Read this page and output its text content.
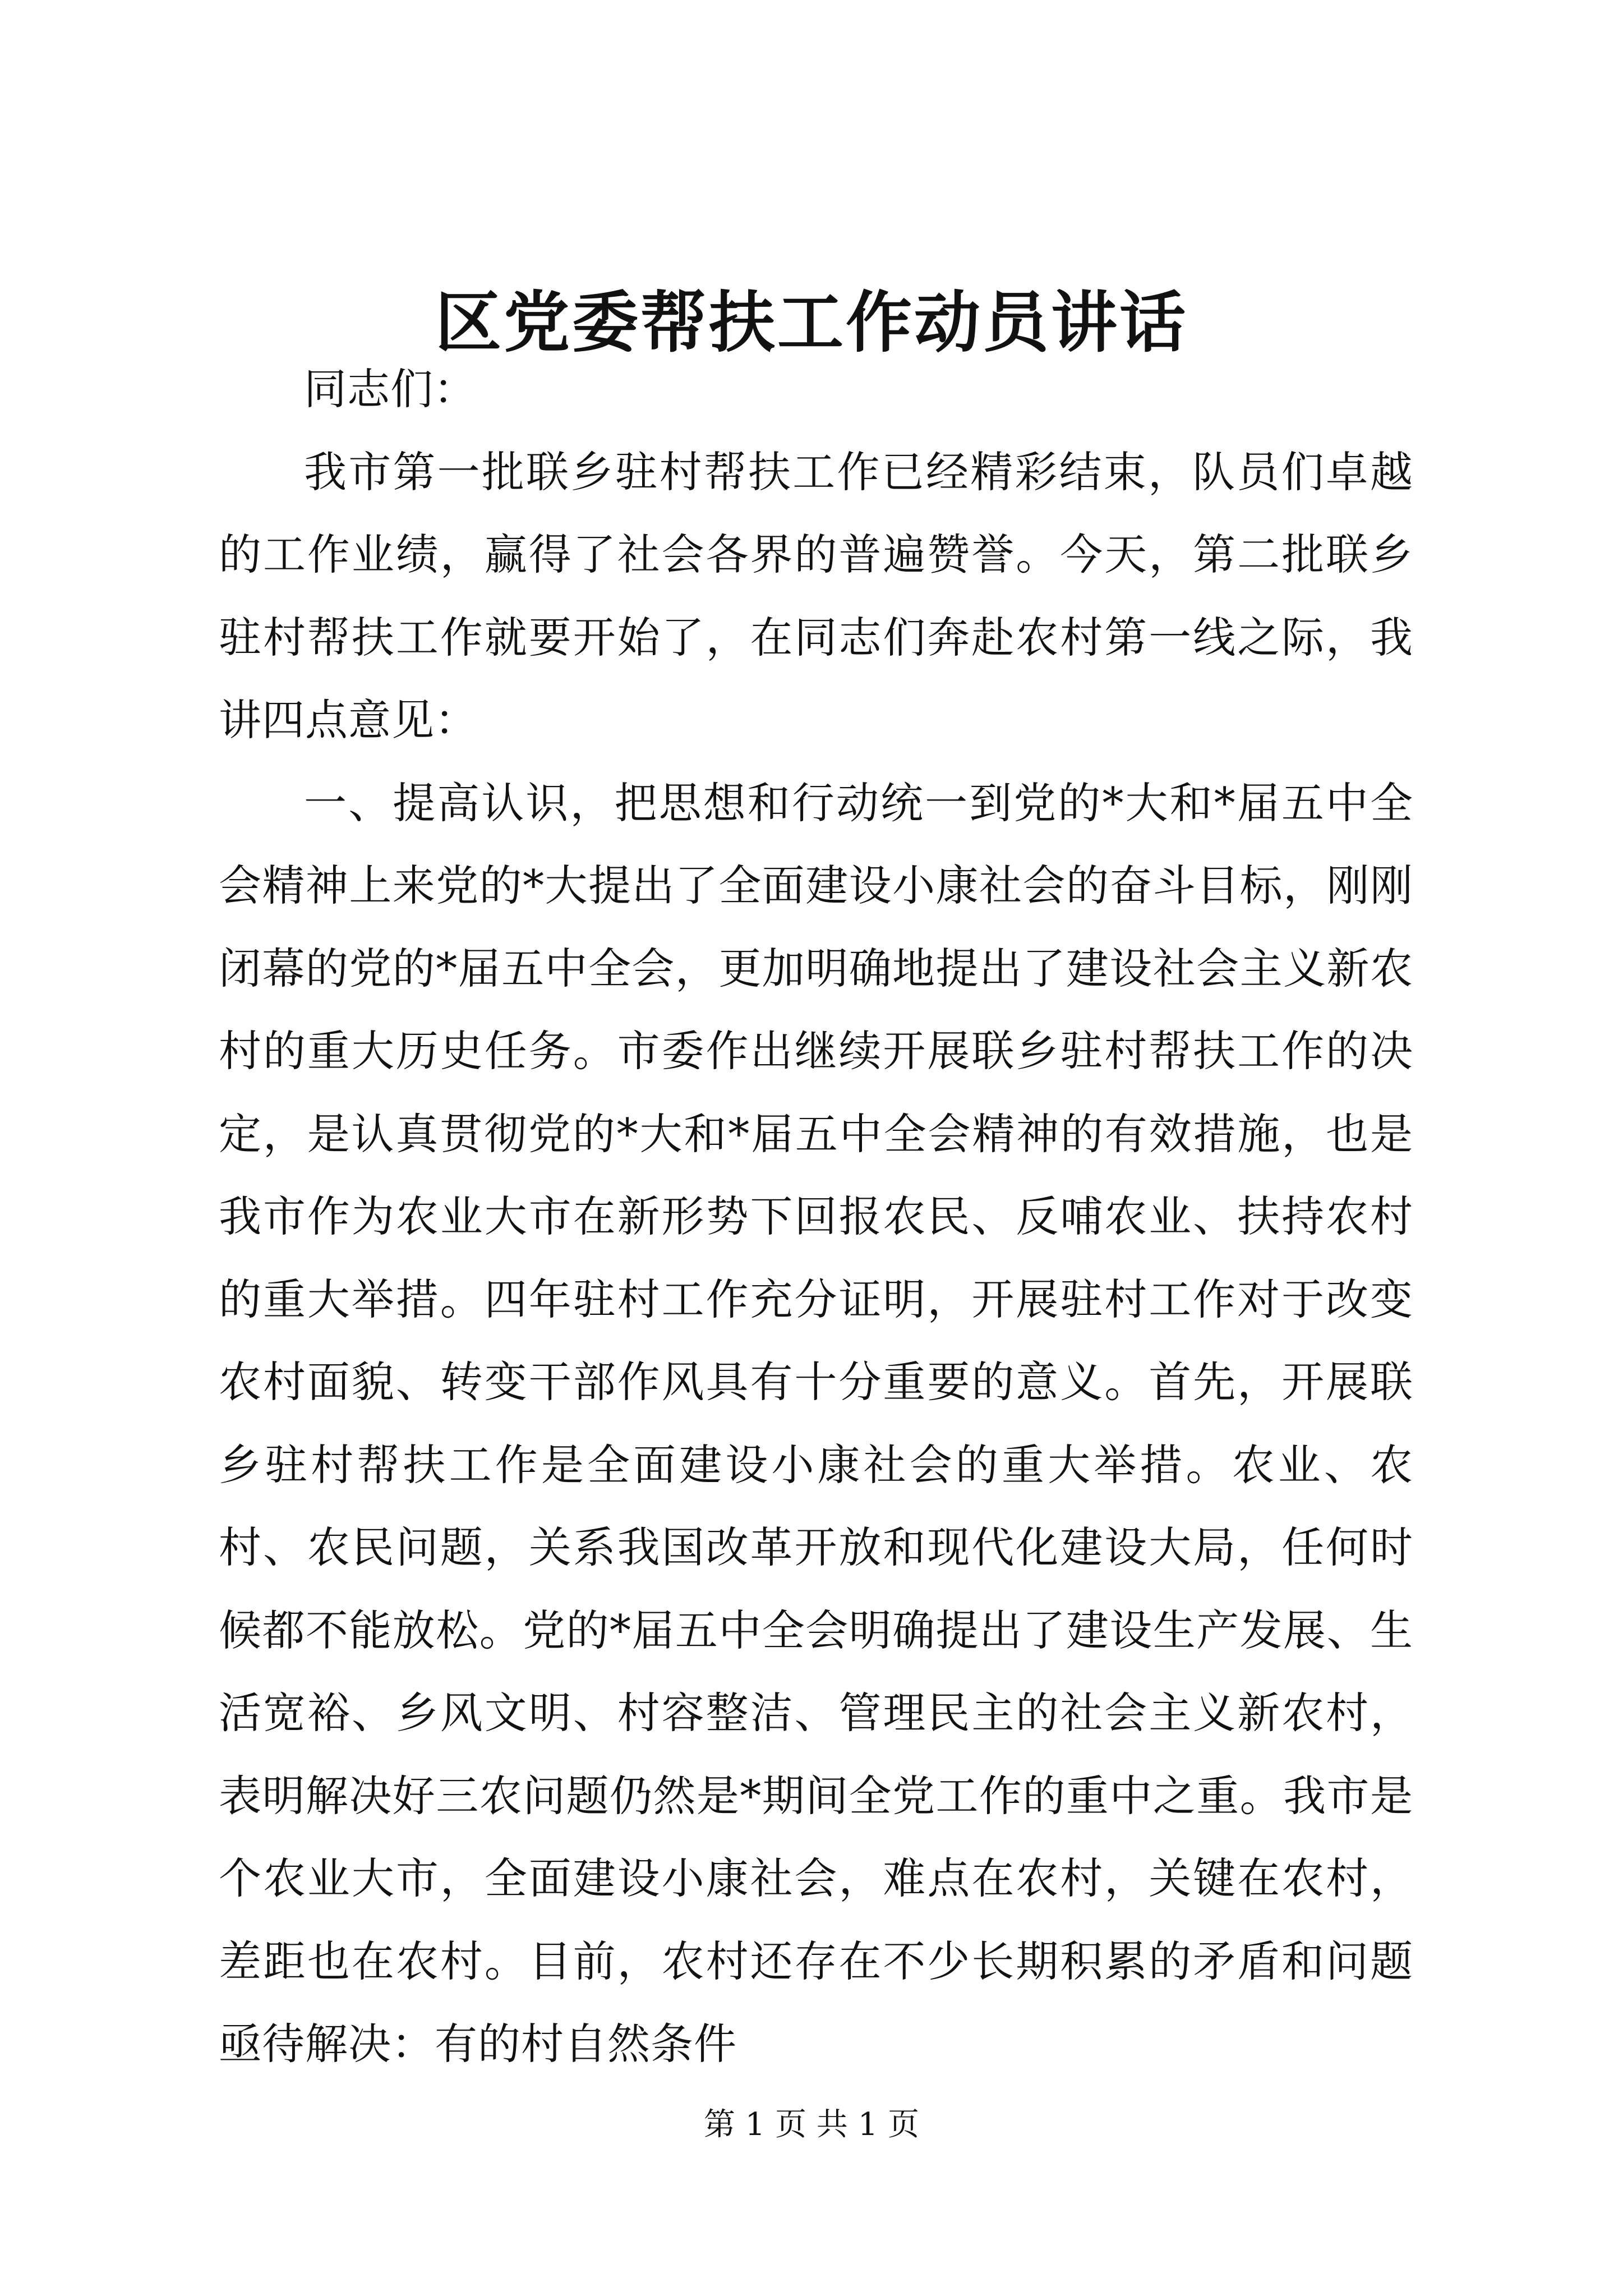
区党委帮扶工作动员讲话

同志们：

我市第一批联乡驻村帮扶工作已经精彩结束，队员们卓越的工作业绩，赢得了社会各界的普遍赞誉。今天，第二批联乡驻村帮扶工作就要开始了，在同志们奔赴农村第一线之际，我讲四点意见：

一、提高认识，把思想和行动统一到党的*大和*届五中全会精神上来党的*大提出了全面建设小康社会的奋斗目标，刚刚闭幕的党的*届五中全会，更加明确地提出了建设社会主义新农村的重大历史任务。市委作出继续开展联乡驻村帮扶工作的决定，是认真贯彻党的*大和*届五中全会精神的有效措施，也是我市作为农业大市在新形势下回报农民、反哺农业、扶持农村的重大举措。四年驻村工作充分证明，开展驻村工作对于改变农村面貌、转变干部作风具有十分重要的意义。首先，开展联乡驻村帮扶工作是全面建设小康社会的重大举措。农业、农村、农民问题，关系我国改革开放和现代化建设大局，任何时候都不能放松。党的*届五中全会明确提出了建设生产发展、生活宽裕、乡风文明、村容整洁、管理民主的社会主义新农村，表明解决好三农问题仍然是*期间全党工作的重中之重。我市是个农业大市，全面建设小康社会，难点在农村，关键在农村，差距也在农村。目前，农村还存在不少长期积累的矛盾和问题亟待解决：有的村自然条件

第 1 页 共 1 页
